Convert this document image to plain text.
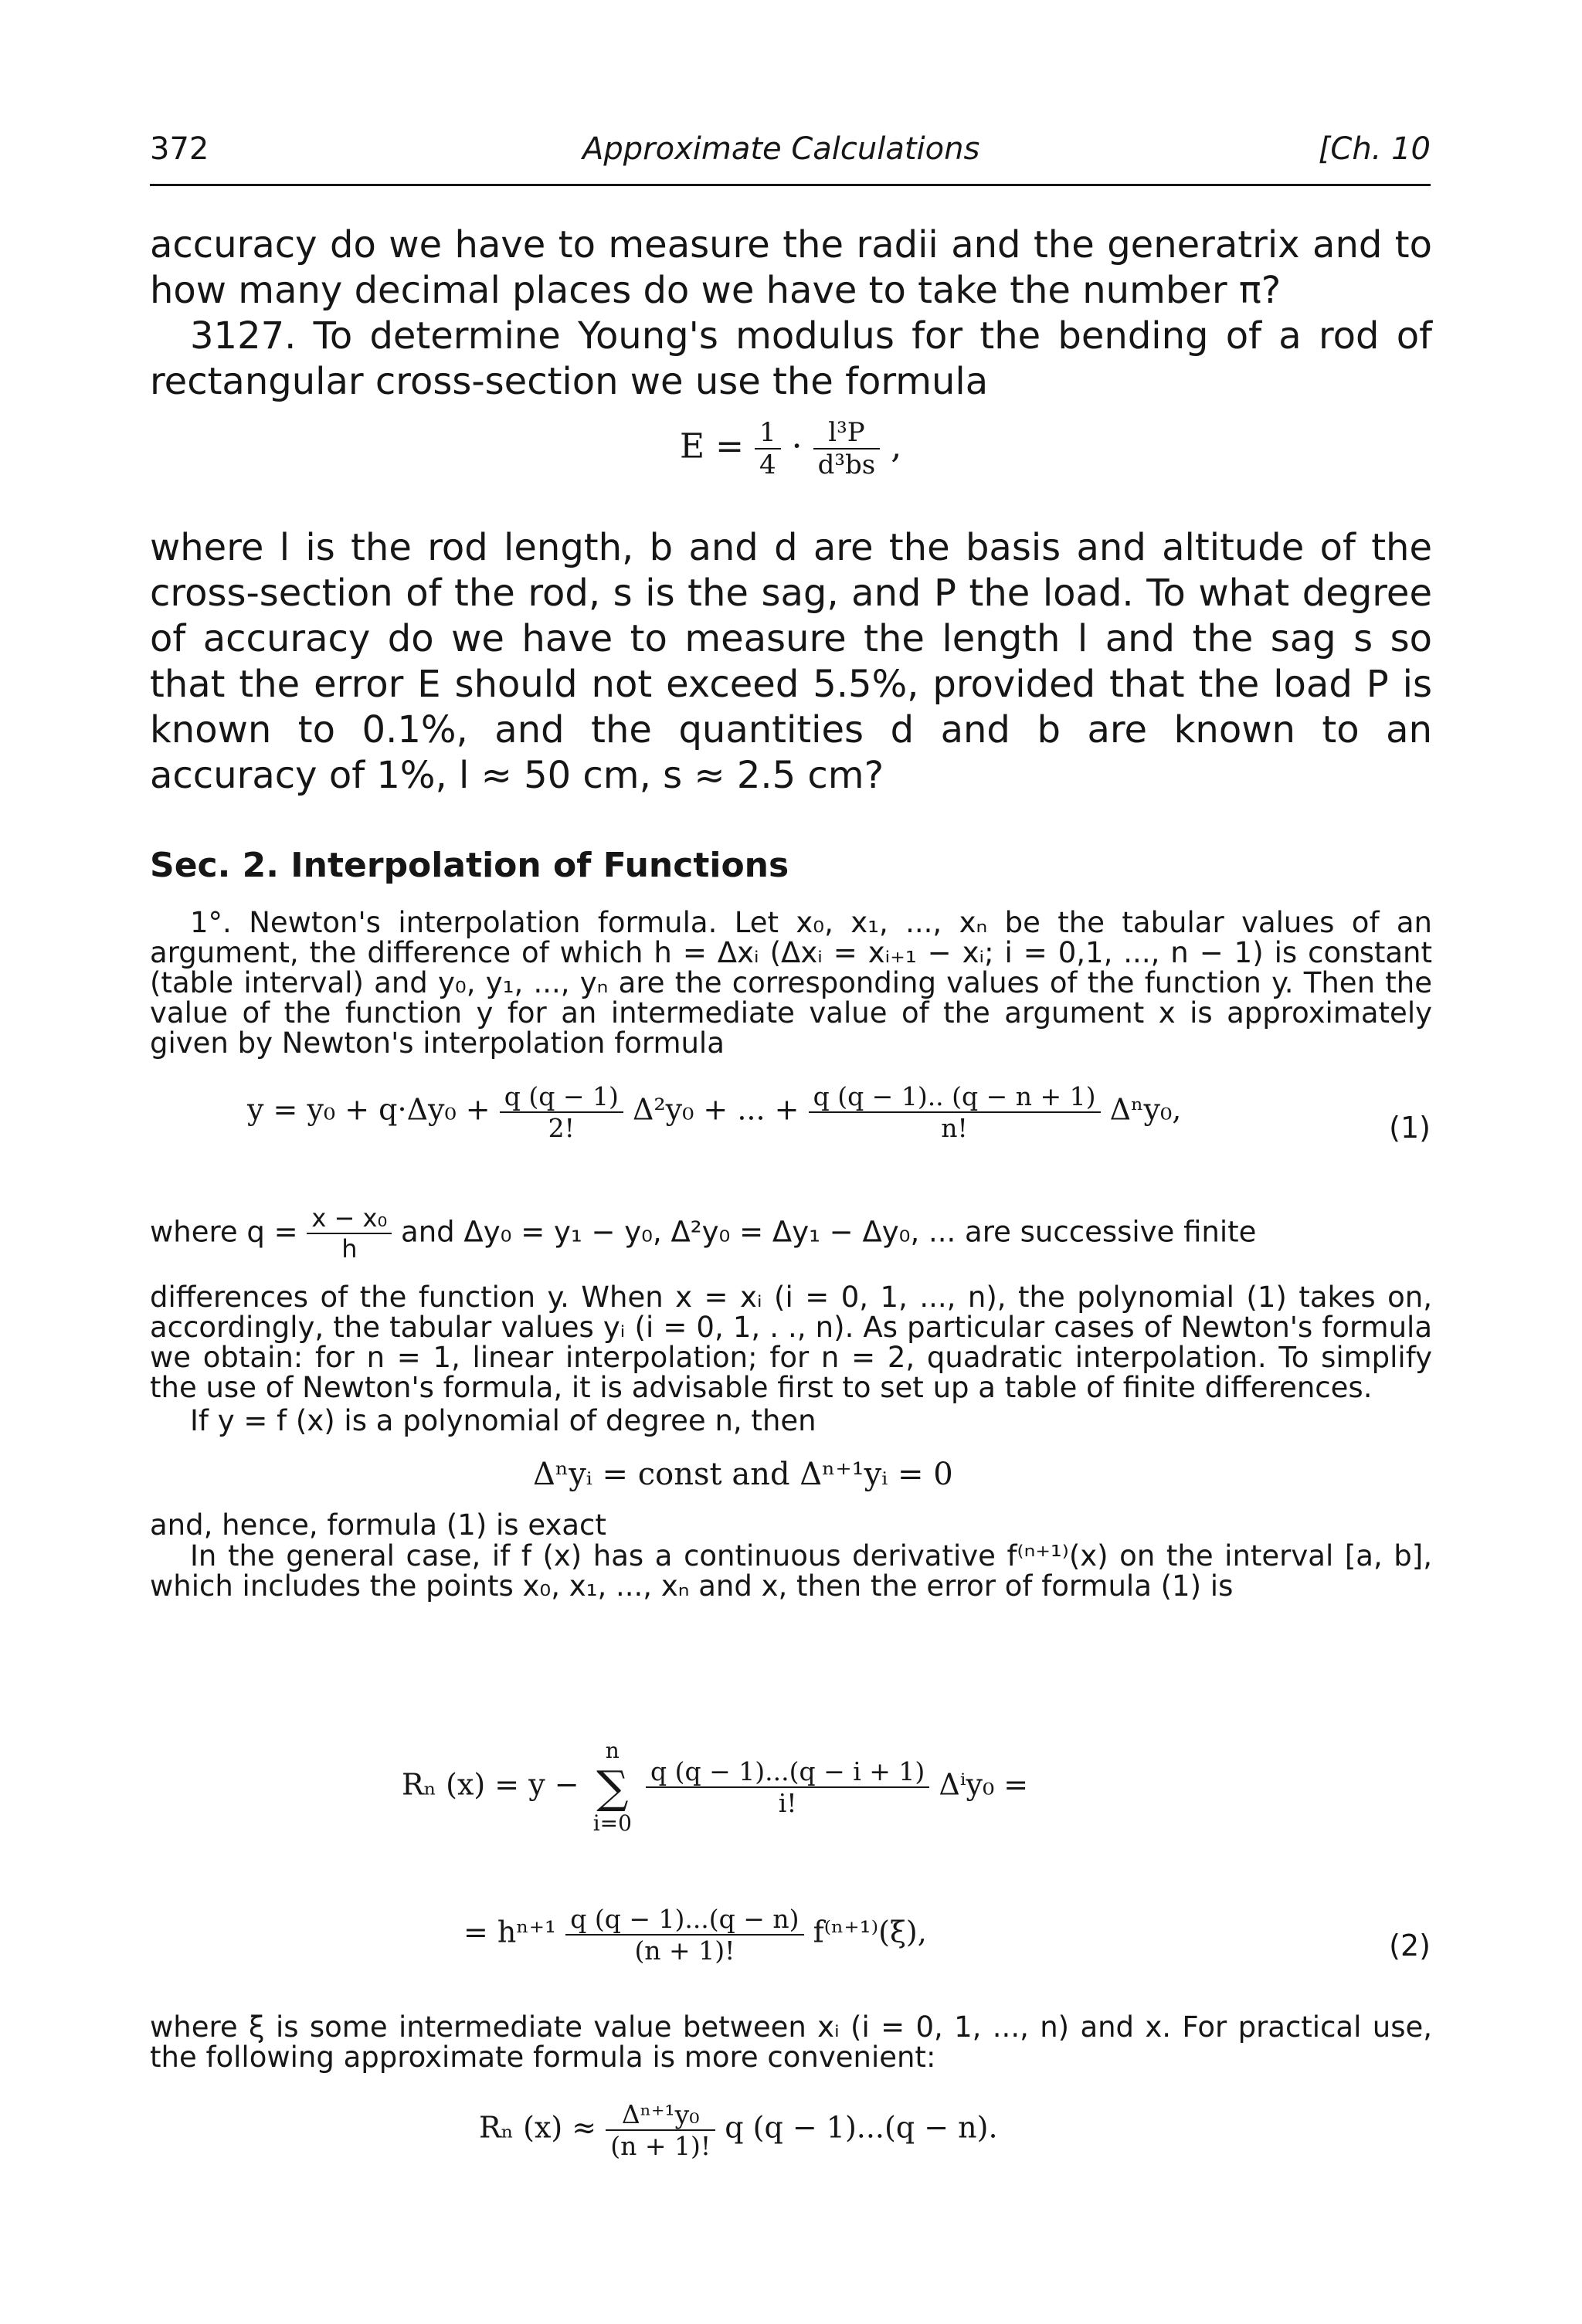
372	Approximate Calculations	[Ch. 10

accuracy do we have to measure the radii and the generatrix and to how many decimal places do we have to take the number π?

3127. To determine Young's modulus for the bending of a rod of rectangular cross-section we use the formula

$E = \frac{1}{4} \cdot \frac{\text{l³P}}{\text{d³bs}}$ ,

where l is the rod length, b and d are the basis and altitude of the cross-section of the rod, s is the sag, and P the load. To what degree of accuracy do we have to measure the length l and the sag s so that the error E should not exceed 5.5%, provided that the load P is known to 0.1%, and the quantities d and b are known to an accuracy of 1%, l ≈ 50 cm, s ≈ 2.5 cm?

Sec. 2. Interpolation of Functions

1°. Newton's interpolation formula. Let x₀, x₁, ..., xₙ be the tabular values of an argument, the difference of which h = Δxᵢ (Δxᵢ = xᵢ₊₁ − xᵢ; i = 0,1, ..., n − 1) is constant (table interval) and y₀, y₁, ..., yₙ are the corresponding values of the function y. Then the value of the function y for an intermediate value of the argument x is approximately given by Newton's interpolation formula

$y = y_0 + q\cdot\Delta y_0 + \frac{q (q - 1)}{2!} \Delta^2y_0$ + ... + $\frac{q (q - 1).. (q - n + 1)}{n!} \Delta^ny_0$,
(1)
where $q = \frac{\text{x − x₀}}{h}$ and Δy₀ = y₁ − y₀, Δ²y₀ = Δy₁ − Δy₀, ... are successive finite

differences of the function y. When x = xᵢ (i = 0, 1, ..., n), the polynomial (1) takes on, accordingly, the tabular values yᵢ (i = 0, 1, . ., n). As particular cases of Newton's formula we obtain: for n = 1, linear interpolation; for n = 2, quadratic interpolation. To simplify the use of Newton's formula, it is advisable first to set up a table of finite differences.

If y = f (x) is a polynomial of degree n, then

Δⁿyᵢ = const and Δⁿ⁺¹yᵢ = 0

and, hence, formula (1) is exact

In the general case, if f (x) has a continuous derivative f⁽ⁿ⁺¹⁾(x) on the interval [a, b], which includes the points x₀, x₁, ..., xₙ and x, then the error of formula (1) is

Rₙ (x) = y −
n
∑
i=0

$\frac{q (q - 1)...(q - i + 1)}{i!} \Delta^iy_0$ =
= $h^{n+1} \frac{q (q - 1)...(q - n)}{(n + 1)!} f^{(n+1)}(\xi)$,	(2)

where ξ is some intermediate value between xᵢ (i = 0, 1, ..., n) and x. For practical use, the following approximate formula is more convenient:

Rₙ $(x) \approx \frac{\text{Δⁿ⁺¹y₀}}{(n + 1)!}$ q (q − 1)...(q − n).
